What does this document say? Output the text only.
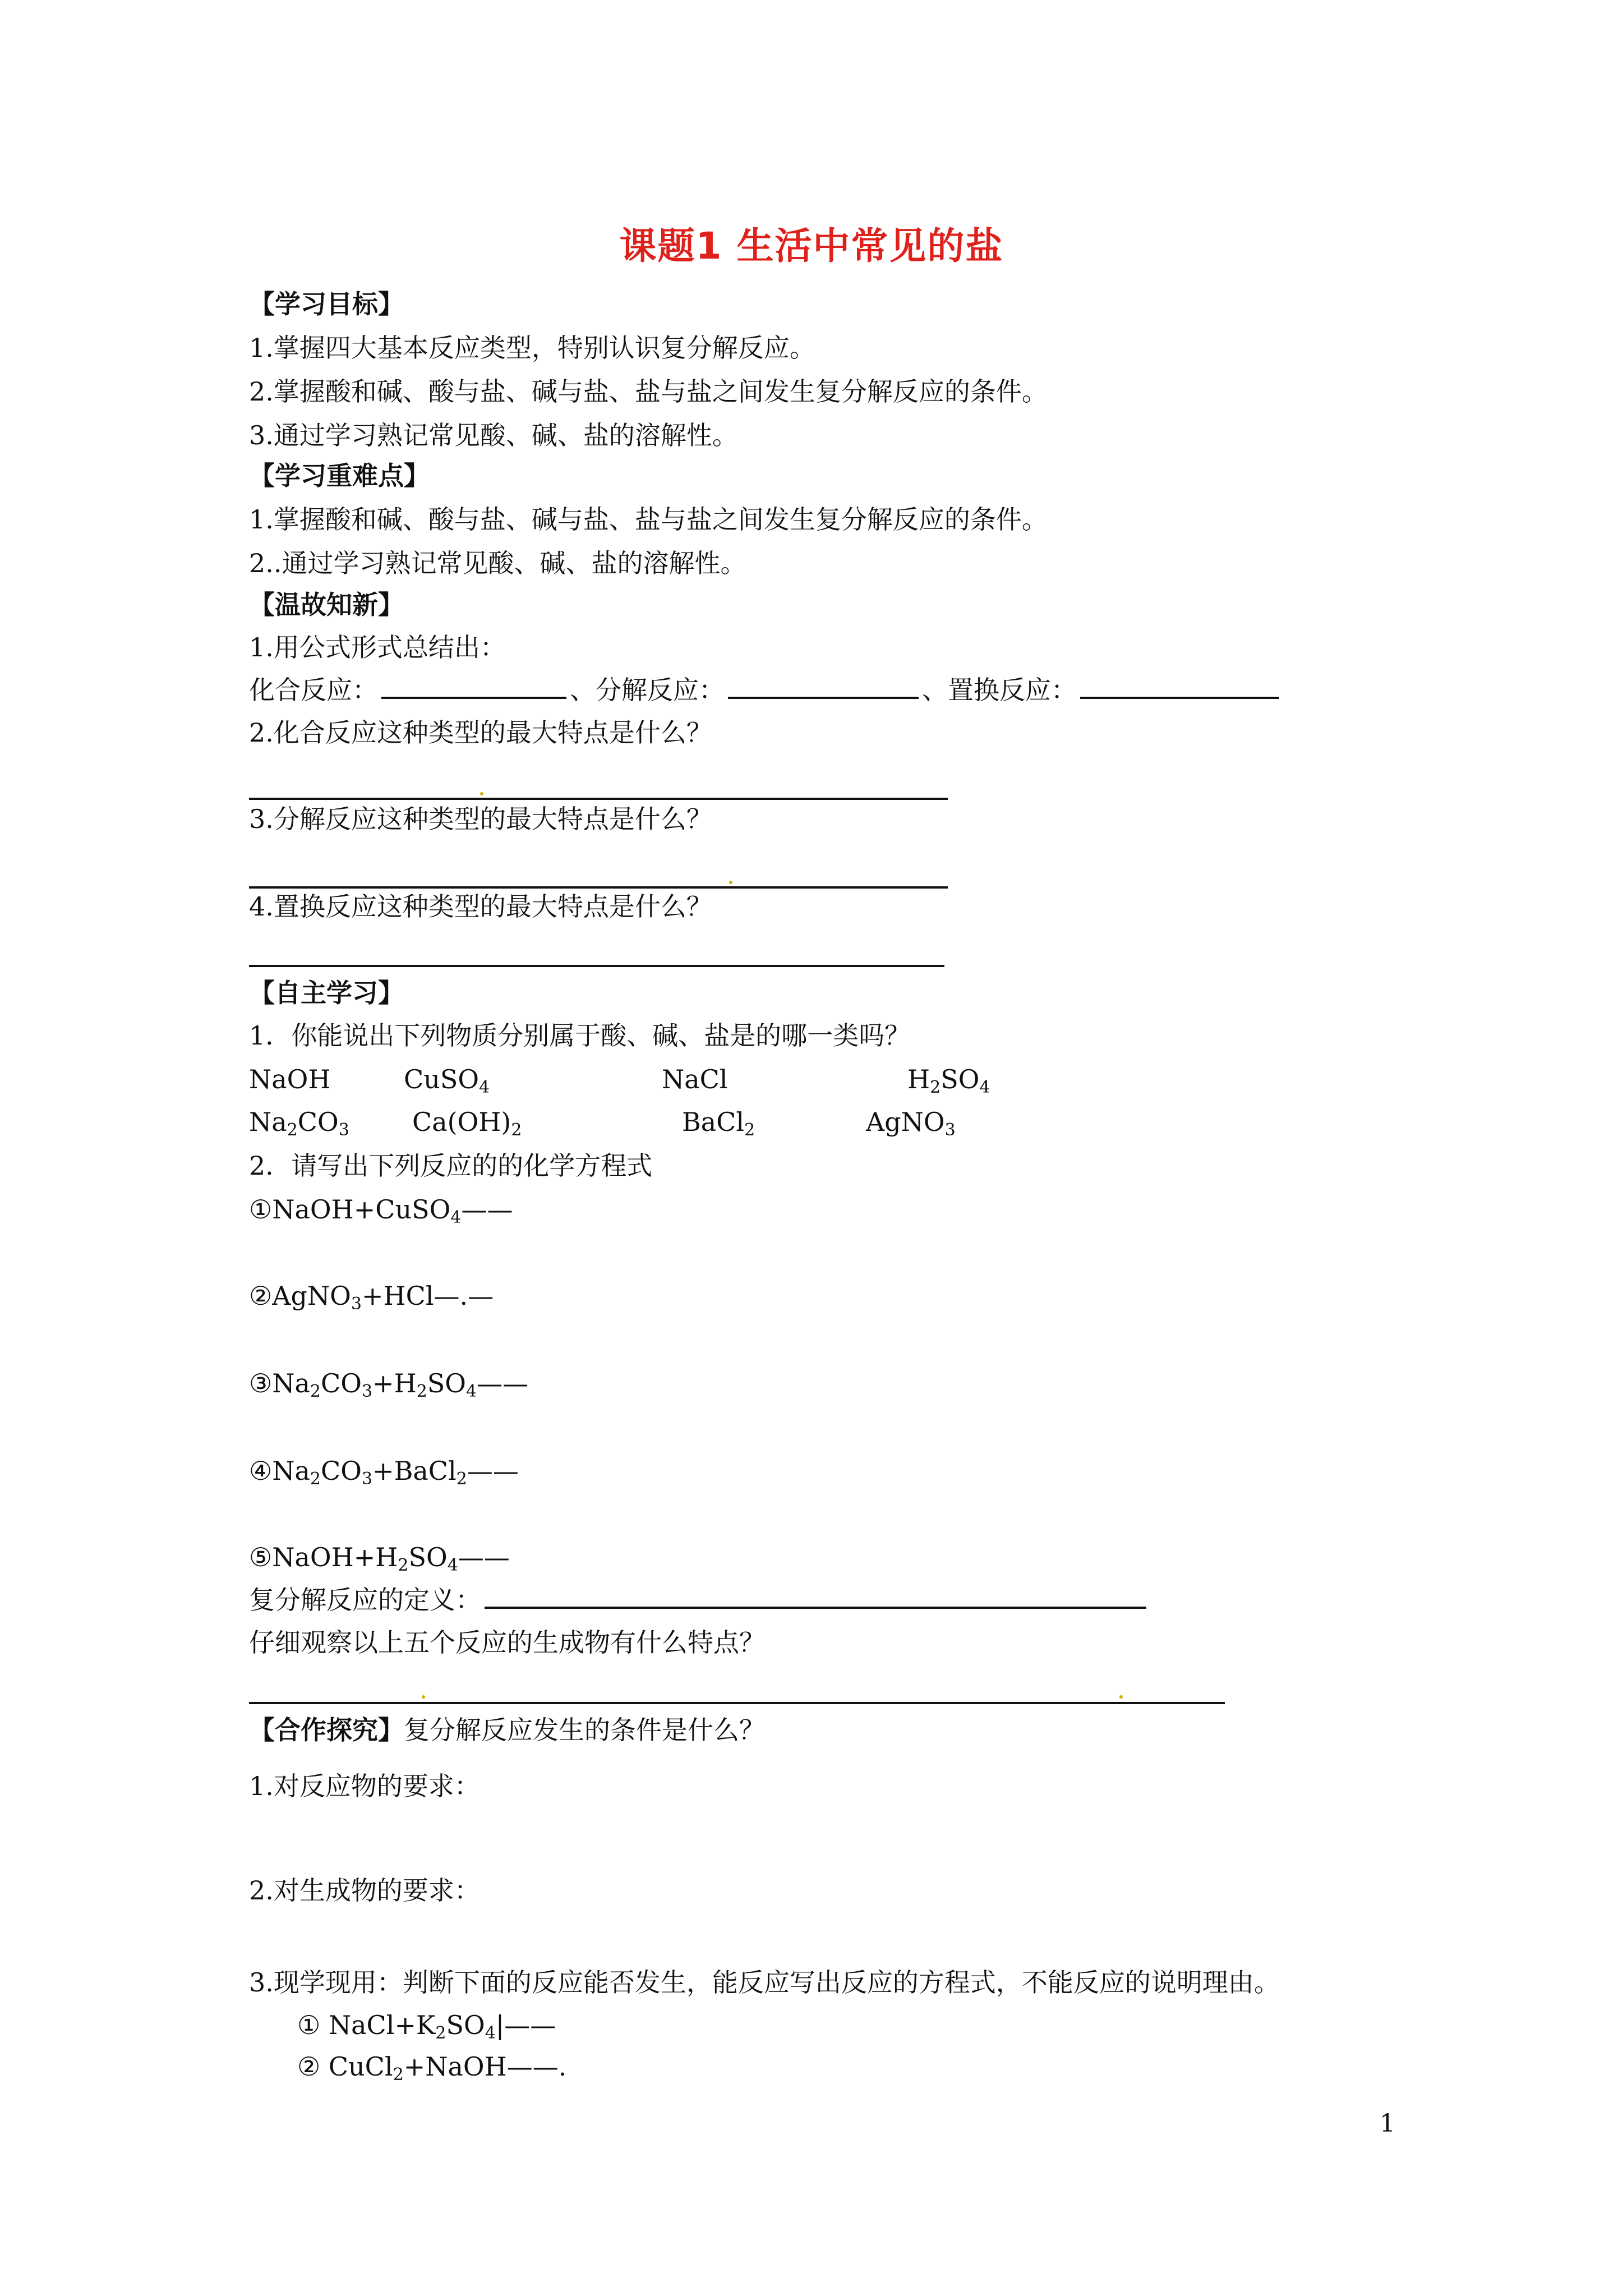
课题1 生活中常见的盐
【学习目标】
1.掌握四大基本反应类型，特别认识复分解反应。
2.掌握酸和碱、酸与盐、碱与盐、盐与盐之间发生复分解反应的条件。
3.通过学习熟记常见酸、碱、盐的溶解性。
【学习重难点】
1.掌握酸和碱、酸与盐、碱与盐、盐与盐之间发生复分解反应的条件。
2..通过学习熟记常见酸、碱、盐的溶解性。
【温故知新】
1.用公式形式总结出：
化合反应：	、分解反应：	、置换反应：
2.化合反应这种类型的最大特点是什么？
3.分解反应这种类型的最大特点是什么？
4.置换反应这种类型的最大特点是什么？
【自主学习】
1．你能说出下列物质分别属于酸、碱、盐是的哪一类吗？
NaOH	CuSO$_4$	NaCl	$H_2SO_4$
$Na_2CO_3$ $Ca(OH)_2$	BaCl$_2$	AgNO$_3$
2．请写出下列反应的的化学方程式
①NaOH+CuSO$_4$——
②AgNO$_3$+HCl—.—
$③Na_2CO_3+H_2SO_4——$
$④Na_2CO_3+BaCl_2——$
$⑤NaOH+H_2SO_4——$
复分解反应的定义：
仔细观察以上五个反应的生成物有什么特点？
【合作探究】复分解反应发生的条件是什么？
1.对反应物的要求：
2.对生成物的要求：
3.现学现用：判断下面的反应能否发生，能反应写出反应的方程式，不能反应的说明理由。
① $NaCl+K_2SO_4|——$
② CuCl$_2$+NaOH——.
1
